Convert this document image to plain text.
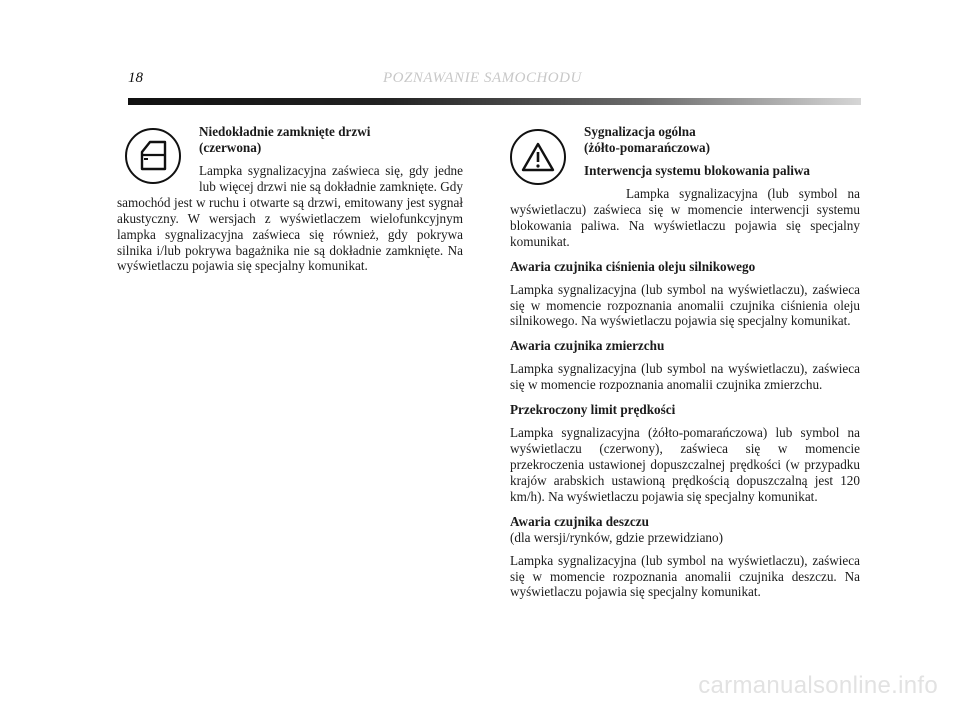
18	POZNAWANIE SAMOCHODU
Niedokładnie zamknięte drzwi
(czerwona)

Lampka sygnalizacyjna zaświeca się, gdy jedne lub więcej drzwi nie są dokładnie zamknięte. Gdy samochód jest w ruchu i otwarte są drzwi, emitowany jest sygnał akustyczny. W wersjach z wyświetlaczem wielofunkcyjnym lampka sygnalizacyjna zaświeca się również, gdy pokrywa silnika i/lub pokrywa bagażnika nie są dokładnie zamknięte. Na wyświetlaczu pojawia się specjalny komunikat.

Sygnalizacja ogólna
(żółto-pomarańczowa)
Interwencja systemu blokowania paliwa

Lampka sygnalizacyjna (lub symbol na wyświetlaczu) zaświeca się w momencie interwencji systemu blokowania paliwa. Na wyświetlaczu pojawia się specjalny komunikat.

Awaria czujnika ciśnienia oleju silnikowego

Lampka sygnalizacyjna (lub symbol na wyświetlaczu), zaświeca się w momencie rozpoznania anomalii czujnika ciśnienia oleju silnikowego. Na wyświetlaczu pojawia się specjalny komunikat.

Awaria czujnika zmierzchu

Lampka sygnalizacyjna (lub symbol na wyświetlaczu), zaświeca się w momencie rozpoznania anomalii czujnika zmierzchu.

Przekroczony limit prędkości

Lampka sygnalizacyjna (żółto-pomarańczowa) lub symbol na wyświetlaczu (czerwony), zaświeca się w momencie przekroczenia ustawionej dopuszczalnej prędkości (w przypadku krajów arabskich ustawioną prędkością dopuszczalną jest 120 km/h). Na wyświetlaczu pojawia się specjalny komunikat.

Awaria czujnika deszczu

(dla wersji/rynków, gdzie przewidziano)

Lampka sygnalizacyjna (lub symbol na wyświetlaczu), zaświeca się w momencie rozpoznania anomalii czujnika deszczu. Na wyświetlaczu pojawia się specjalny komunikat.

carmanualsonline.info
